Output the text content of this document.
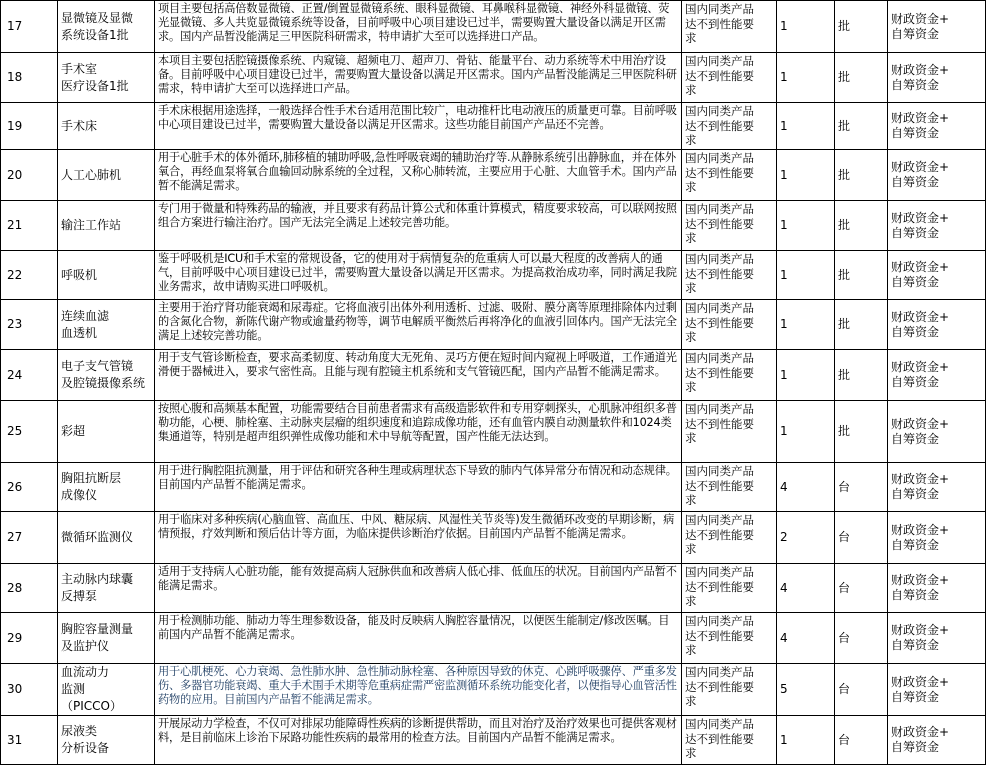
17	显微镜及显微
系统设备1批	项目主要包括高倍数显微镜、正置/倒置显微镜系统、眼科显微镜、耳鼻喉科显微镜、神经外科显微镜、荧光显微镜、多人共览显微镜系统等设备，目前呼吸中心项目建设已过半，需要购置大量设备以满足开区需求。国内产品暂没能满足三甲医院科研需求，特申请扩大至可以选择进口产品。	国内同类产品
达不到性能要
求	1	批	财政资金+
自筹资金
18	手术室
医疗设备1批	本项目主要包括腔镜摄像系统、内窥镜、超频电刀、超声刀、骨钻、能量平台、动力系统等术中用治疗设备。目前呼吸中心项目建设已过半，需要购置大量设备以满足开区需求。国内产品暂没能满足三甲医院科研需求，特申请扩大至可以选择进口产品。	国内同类产品
达不到性能要
求	1	批	财政资金+
自筹资金
19	手术床	手术床根据用途选择，一般选择合性手术台适用范围比较广，电动推杆比电动液压的质量更可靠。目前呼吸中心项目建设已过半，需要购置大量设备以满足开区需求。这些功能目前国产产品还不完善。	国内同类产品
达不到性能要
求	1	批	财政资金+
自筹资金
20	人工心肺机	用于心脏手术的体外循环,肺移植的辅助呼吸,急性呼吸衰竭的辅助治疗等.从静脉系统引出静脉血，并在体外氧合，再经血泵将氧合血输回动脉系统的全过程，又称心肺转流，主要应用于心脏、大血管手术。国内产品暂不能满足需求。	国内同类产品
达不到性能要
求	1	批	财政资金+
自筹资金
21	输注工作站	专门用于微量和特殊药品的输液，并且要求有药品计算公式和体重计算模式，精度要求较高，可以联网按照组合方案进行输注治疗。国产无法完全满足上述较完善功能。	国内同类产品
达不到性能要
求	1	批	财政资金+
自筹资金
22	呼吸机	鉴于呼吸机是ICU和手术室的常规设备，它的使用对于病情复杂的危重病人可以最大程度的改善病人的通气，目前呼吸中心项目建设已过半，需要购置大量设备以满足开区需求。为提高救治成功率，同时满足我院业务需求，故申请购买进口呼吸机。	国内同类产品
达不到性能要
求	1	批	财政资金+
自筹资金
23	连续血滤
血透机	主要用于治疗肾功能衰竭和尿毒症。它将血液引出体外利用透析、过滤、吸附、膜分离等原理排除体内过剩的含氮化合物，新陈代谢产物或逾量药物等，调节电解质平衡然后再将净化的血液引回体内。国产无法完全满足上述较完善功能。	国内同类产品
达不到性能要
求	1	批	财政资金+
自筹资金
24	电子支气管镜
及腔镜摄像系统	用于支气管诊断检查，要求高柔韧度、转动角度大无死角、灵巧方便在短时间内窥视上呼吸道，工作通道光滑便于器械进入，要求气密性高。且能与现有腔镜主机系统和支气管镜匹配，国内产品暂不能满足需求。	国内同类产品
达不到性能要
求	1	批	财政资金+
自筹资金
25	彩超	按照心腹和高频基本配置，功能需要结合目前患者需求有高级造影软件和专用穿刺探头，心肌脉冲组织多普勒功能，心梗、肺栓塞、主动脉夹层瘤的组织速度和追踪成像功能，还有血管内膜自动测量软件和1024类集通道等，特别是超声组织弹性成像功能和术中导航等配置，国产性能无法达到。	国内同类产品
达不到性能要
求	1	批	财政资金+
自筹资金
26	胸阻抗断层
成像仪	用于进行胸腔阻抗测量，用于评估和研究各种生理或病理状态下导致的肺内气体异常分布情况和动态规律。目前国内产品暂不能满足需求。	国内同类产品
达不到性能要
求	4	台	财政资金+
自筹资金
27	微循环监测仪	用于临床对多种疾病(心脑血管、高血压、中风、糖尿病、风湿性关节炎等)发生微循环改变的早期诊断，病情预报，疗效判断和预后估计等方面，为临床提供诊断治疗依据。目前国内产品暂不能满足需求。	国内同类产品
达不到性能要
求	2	台	财政资金+
自筹资金
28	主动脉内球囊
反搏泵	适用于支持病人心脏功能，能有效提高病人冠脉供血和改善病人低心排、低血压的状况。目前国内产品暂不能满足需求。	国内同类产品
达不到性能要
求	4	台	财政资金+
自筹资金
29	胸腔容量测量
及监护仪	用于检测肺功能、肺动力等生理参数设备，能及时反映病人胸腔容量情况，以便医生能制定/修改医嘱。目前国内产品暂不能满足需求。	国内同类产品
达不到性能要
求	4	台	财政资金+
自筹资金
30	血流动力
监测
（PICCO）	用于心肌梗死、心力衰竭、急性肺水肿、急性肺动脉栓塞、各种原因导致的休克、心跳呼吸骤停、严重多发伤、多器官功能衰竭、重大手术围手术期等危重病症需严密监测循环系统功能变化者，以便指导心血管活性药物的应用。目前国内产品暂不能满足需求。	国内同类产品
达不到性能要
求	5	台	财政资金+
自筹资金
31	尿液类
分析设备	开展尿动力学检查，不仅可对排尿功能障碍性疾病的诊断提供帮助，而且对治疗及治疗效果也可提供客观材料，是目前临床上诊治下尿路功能性疾病的最常用的检查方法。目前国内产品暂不能满足需求。	国内同类产品
达不到性能要
求	1	台	财政资金+
自筹资金
